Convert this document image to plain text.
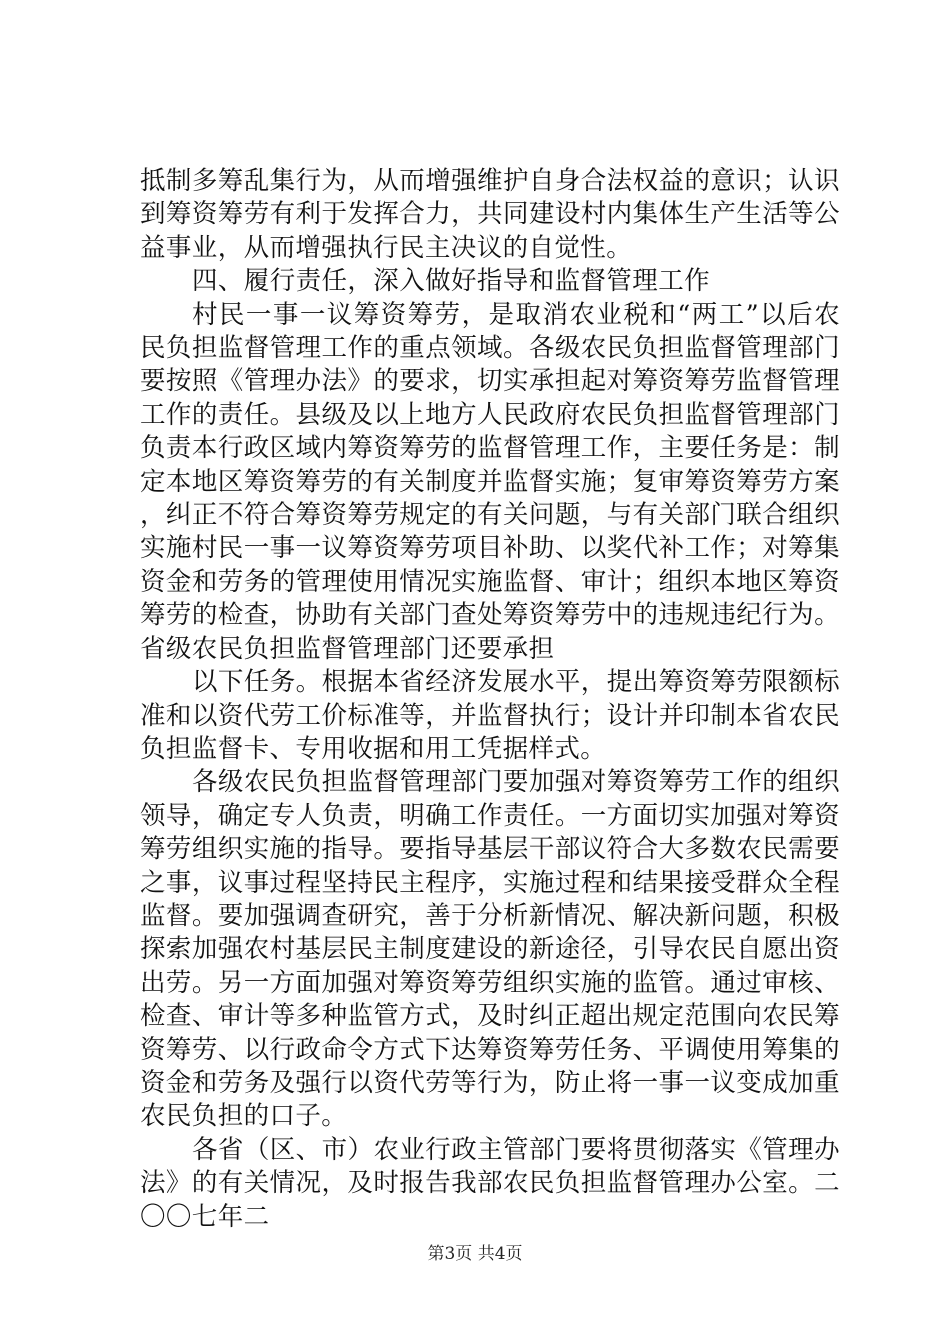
抵制多筹乱集行为，从而增强维护自身合法权益的意识；认识到筹资筹劳有利于发挥合力，共同建设村内集体生产生活等公益事业，从而增强执行民主决议的自觉性。

四、履行责任，深入做好指导和监督管理工作

村民一事一议筹资筹劳，是取消农业税和“两工”以后农民负担监督管理工作的重点领域。各级农民负担监督管理部门要按照《管理办法》的要求，切实承担起对筹资筹劳监督管理工作的责任。县级及以上地方人民政府农民负担监督管理部门负责本行政区域内筹资筹劳的监督管理工作，主要任务是：制定本地区筹资筹劳的有关制度并监督实施；复审筹资筹劳方案，纠正不符合筹资筹劳规定的有关问题，与有关部门联合组织实施村民一事一议筹资筹劳项目补助、以奖代补工作；对筹集资金和劳务的管理使用情况实施监督、审计；组织本地区筹资筹劳的检查，协助有关部门查处筹资筹劳中的违规违纪行为。省级农民负担监督管理部门还要承担

以下任务。根据本省经济发展水平，提出筹资筹劳限额标准和以资代劳工价标准等，并监督执行；设计并印制本省农民负担监督卡、专用收据和用工凭据样式。

各级农民负担监督管理部门要加强对筹资筹劳工作的组织领导，确定专人负责，明确工作责任。一方面切实加强对筹资筹劳组织实施的指导。要指导基层干部议符合大多数农民需要之事，议事过程坚持民主程序，实施过程和结果接受群众全程监督。要加强调查研究，善于分析新情况、解决新问题，积极探索加强农村基层民主制度建设的新途径，引导农民自愿出资出劳。另一方面加强对筹资筹劳组织实施的监管。通过审核、检查、审计等多种监管方式，及时纠正超出规定范围向农民筹资筹劳、以行政命令方式下达筹资筹劳任务、平调使用筹集的资金和劳务及强行以资代劳等行为，防止将一事一议变成加重农民负担的口子。

各省（区、市）农业行政主管部门要将贯彻落实《管理办法》的有关情况，及时报告我部农民负担监督管理办公室。二〇〇七年二

第3页 共4页
